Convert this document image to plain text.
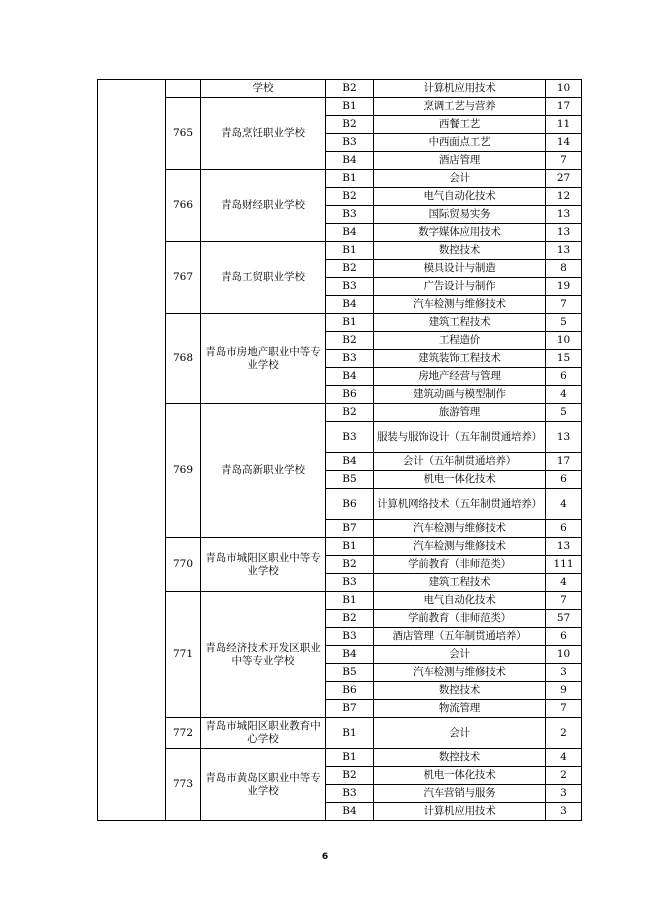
		学校	B2	计算机应用技术	10
	765	青岛烹饪职业学校	B1	烹调工艺与营养	17
			B2	西餐工艺	11
			B3	中西面点工艺	14
			B4	酒店管理	7
	766	青岛财经职业学校	B1	会计	27
			B2	电气自动化技术	12
			B3	国际贸易实务	13
			B4	数字媒体应用技术	13
	767	青岛工贸职业学校	B1	数控技术	13
			B2	模具设计与制造	8
			B3	广告设计与制作	19
			B4	汽车检测与维修技术	7
	768	青岛市房地产职业中等专业学校	B1	建筑工程技术	5
			B2	工程造价	10
			B3	建筑装饰工程技术	15
			B4	房地产经营与管理	6
			B6	建筑动画与模型制作	4
	769	青岛高新职业学校	B2	旅游管理	5
			B3	服装与服饰设计（五年制贯通培养）	13
			B4	会计（五年制贯通培养）	17
			B5	机电一体化技术	6
			B6	计算机网络技术（五年制贯通培养）	4
			B7	汽车检测与维修技术	6
	770	青岛市城阳区职业中等专业学校	B1	汽车检测与维修技术	13
			B2	学前教育（非师范类）	111
			B3	建筑工程技术	4
	771	青岛经济技术开发区职业中等专业学校	B1	电气自动化技术	7
			B2	学前教育（非师范类）	57
			B3	酒店管理（五年制贯通培养）	6
			B4	会计	10
			B5	汽车检测与维修技术	3
			B6	数控技术	9
			B7	物流管理	7
	772	青岛市城阳区职业教育中心学校	B1	会计	2
	773	青岛市黄岛区职业中等专业学校	B1	数控技术	4
			B2	机电一体化技术	2
			B3	汽车营销与服务	3
			B4	计算机应用技术	3
6
